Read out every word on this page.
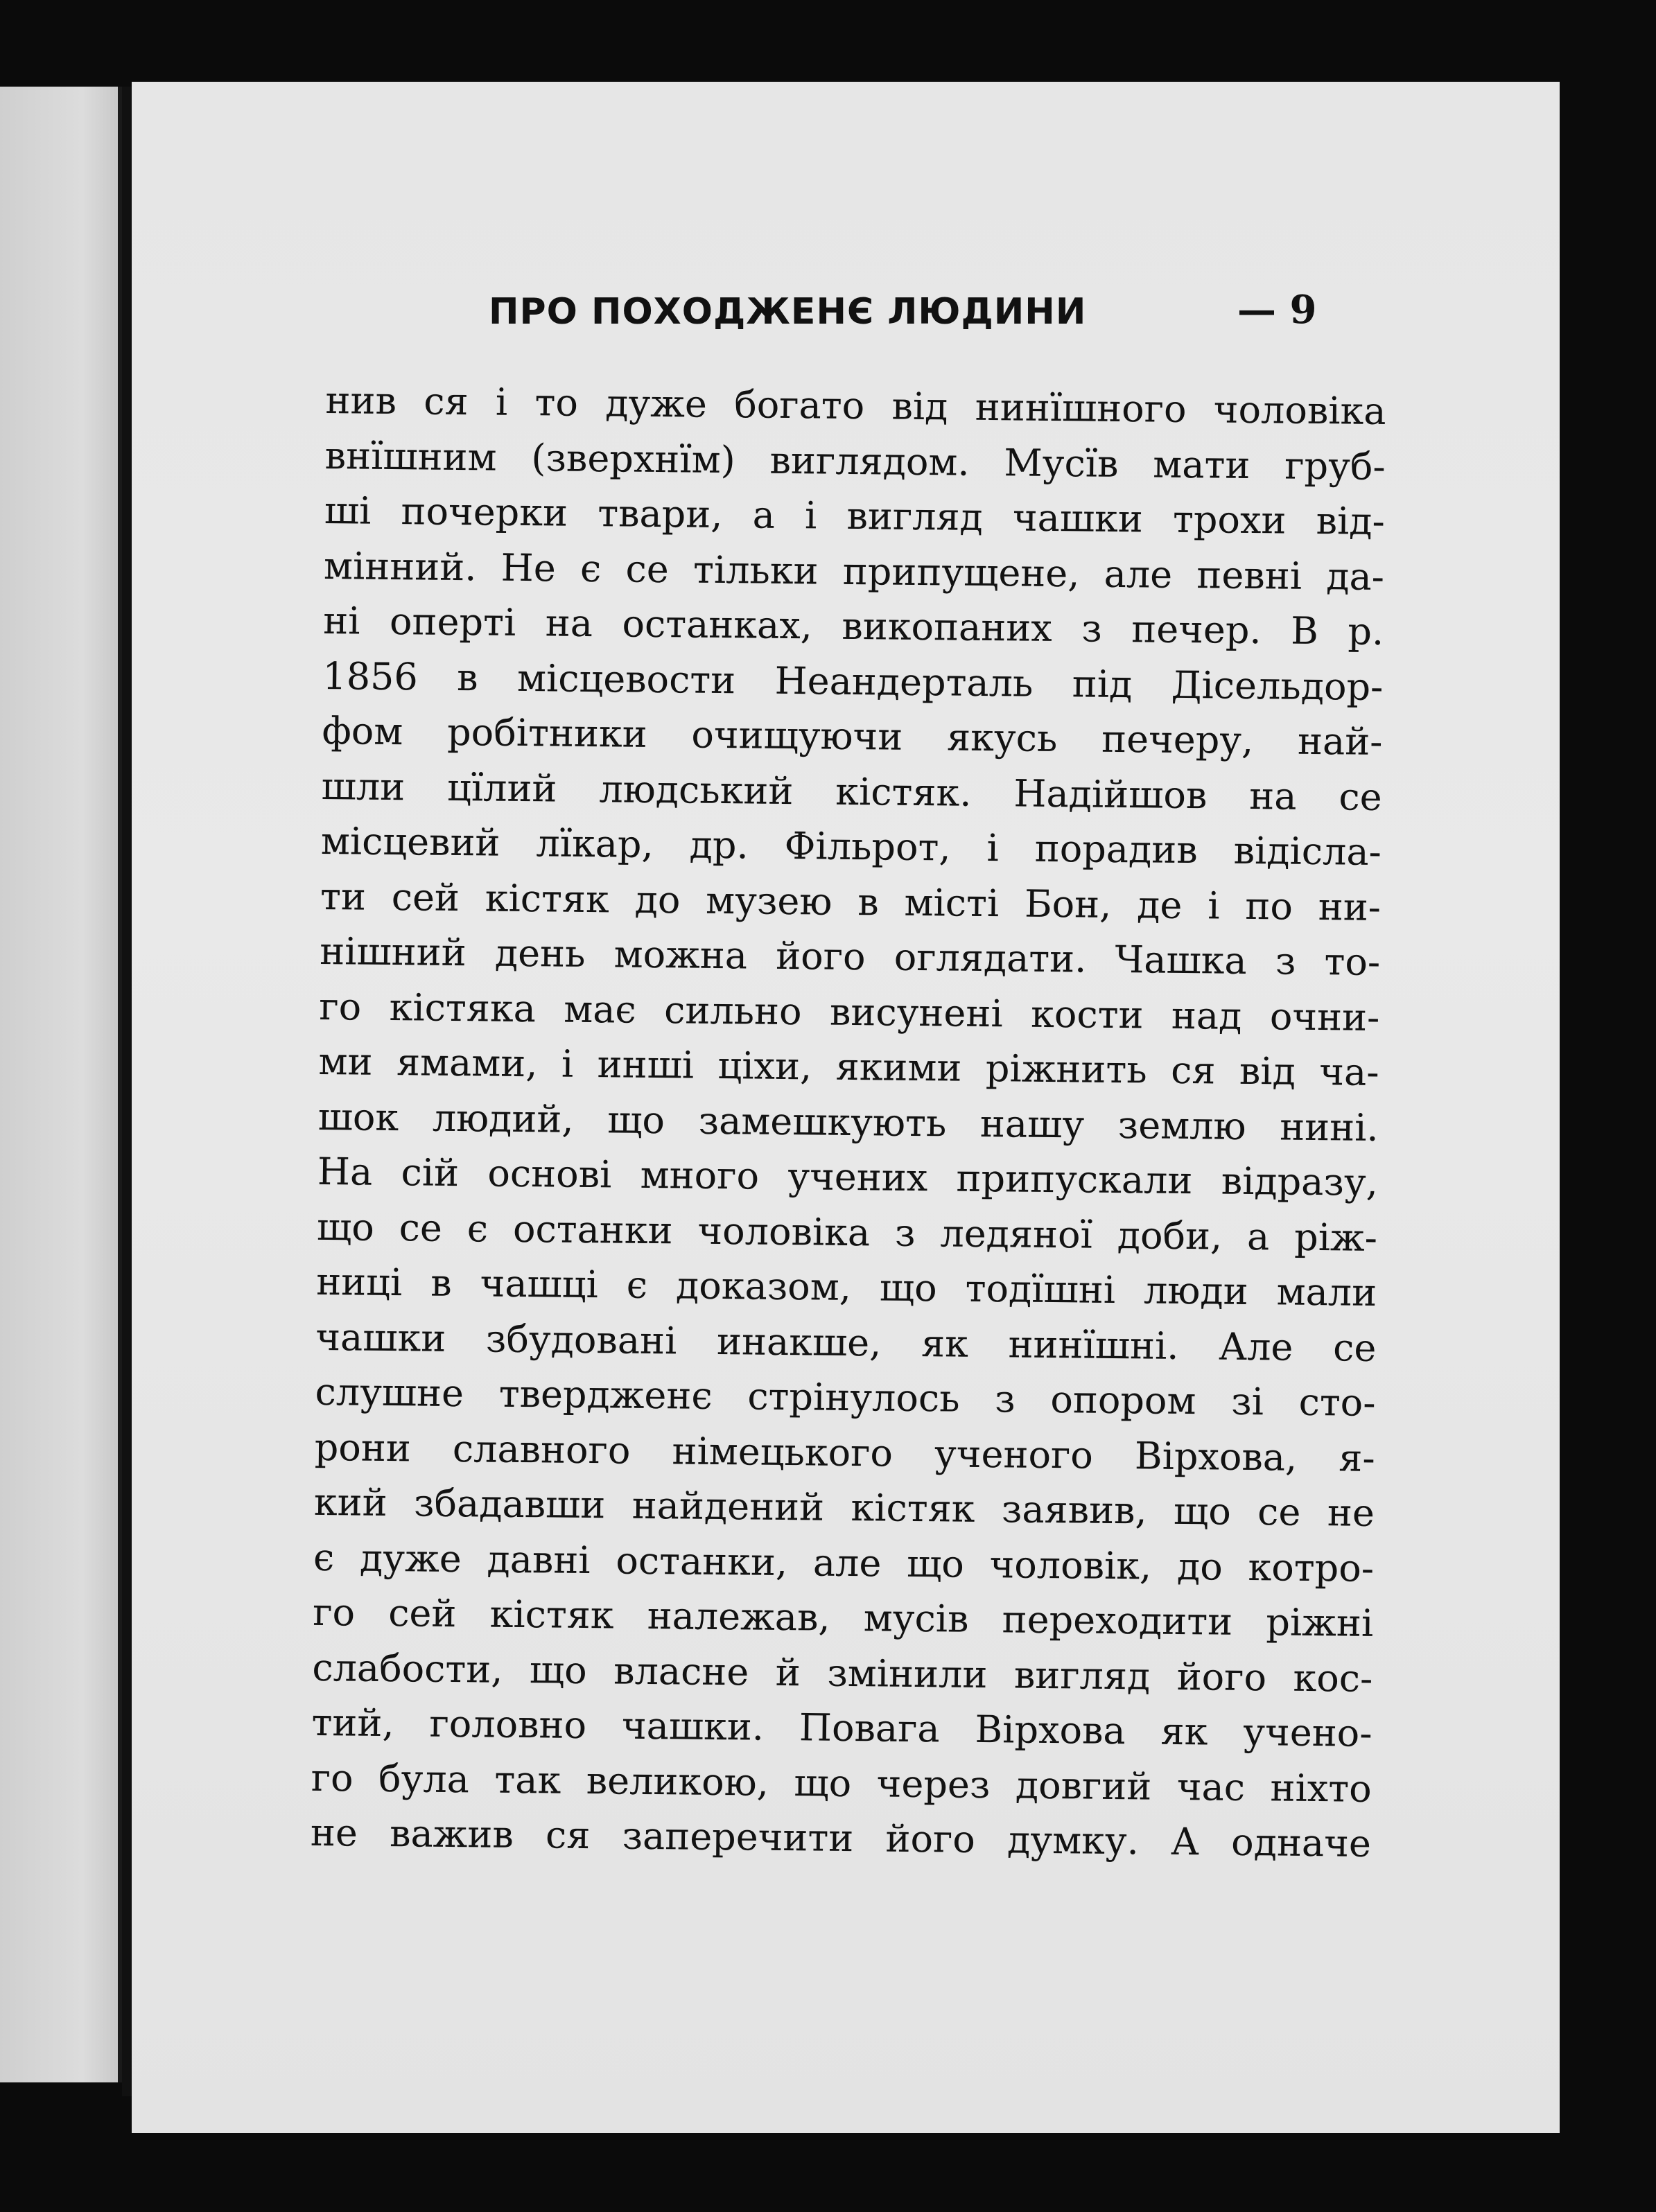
ПРО ПОХОДЖЕНЄ ЛЮДИНИ	— 9
нив ся і то дуже богато від нинїшного чоловіка
внїшним (зверхнїм) виглядом. Мусїв мати груб-
ші почерки твари, а і вигляд чашки трохи від-
мінний. Не є се тільки припущене, але певні да-
ні оперті на останках, викопаних з печер. В р.
1856 в місцевости Неандерталь під Дісельдор-
фом робітники очищуючи якусь печеру, най-
шли цїлий людський кістяк. Надійшов на се
місцевий лїкар, др. Фільрот, і порадив відісла-
ти сей кістяк до музею в місті Бон, де і по ни-
нішний день можна його оглядати. Чашка з то-
го кістяка має сильно висунені кости над очни-
ми ямами, і инші ціхи, якими ріжнить ся від ча-
шок людий, що замешкують нашу землю нині.
На сій основі много учених припускали відразу,
що се є останки чоловіка з ледяної доби, а ріж-
ниці в чашці є доказом, що тодїшні люди мали
чашки збудовані инакше, як нинїшні. Але се
слушне твердженє стрінулось з опором зі сто-
рони славного німецького ученого Вірхова, я-
кий збадавши найдений кістяк заявив, що се не
є дуже давні останки, але що чоловік, до котро-
го сей кістяк належав, мусів переходити ріжні
слабости, що власне й змінили вигляд його кос-
тий, головно чашки. Повага Вірхова як учено-
го була так великою, що через довгий час ніхто
не важив ся заперечити його думку. А одначе
